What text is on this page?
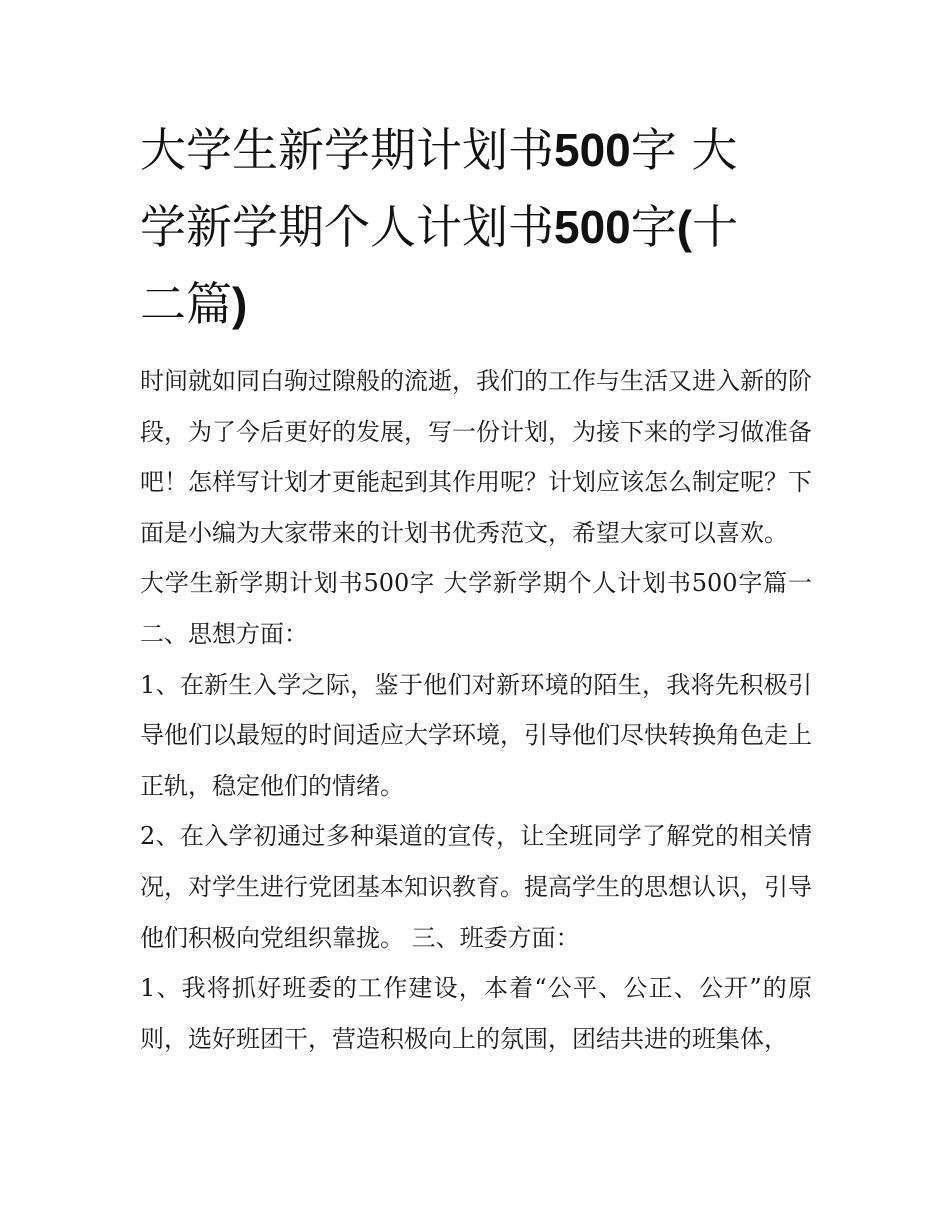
大学生新学期计划书500字 大
学新学期个人计划书500字(十
二篇)

时间就如同白驹过隙般的流逝，我们的工作与生活又进入新的阶段，为了今后更好的发展，写一份计划，为接下来的学习做准备吧！怎样写计划才更能起到其作用呢？计划应该怎么制定呢？下面是小编为大家带来的计划书优秀范文，希望大家可以喜欢。

大学生新学期计划书500字 大学新学期个人计划书500字篇一 二、思想方面：

1、在新生入学之际，鉴于他们对新环境的陌生，我将先积极引导他们以最短的时间适应大学环境，引导他们尽快转换角色走上正轨，稳定他们的情绪。

2、在入学初通过多种渠道的宣传，让全班同学了解党的相关情况，对学生进行党团基本知识教育。提高学生的思想认识，引导他们积极向党组织靠拢。 三、班委方面：

1、我将抓好班委的工作建设，本着“公平、公正、公开”的原则，选好班团干，营造积极向上的氛围，团结共进的班集体，
